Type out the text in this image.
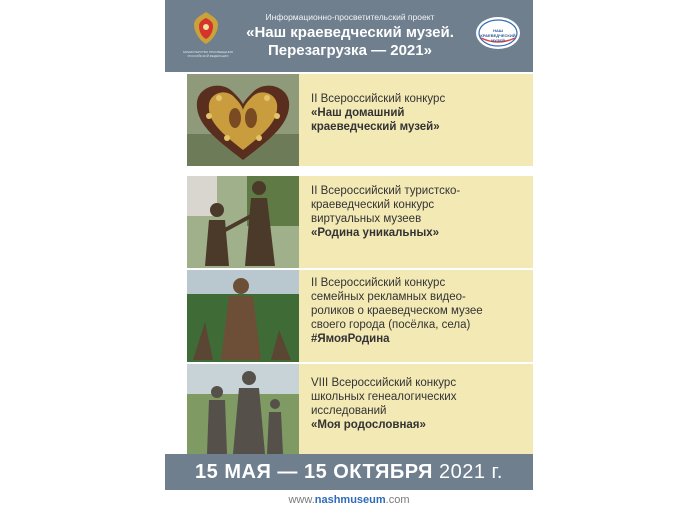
МИНИСТЕРСТВО ПРОСВЕЩЕНИЯ РОССИЙСКОЙ ФЕДЕРАЦИИ
Информационно-просветительский проект
«Наш краеведческий музей.
Перезагрузка — 2021»
НАШ КРАЕВЕДЧЕСКИЙ МУЗЕЙ
II Всероссийский конкурс
«Наш домашний
краеведческий музей»
II Всероссийский туристско-
краеведческий конкурс
виртуальных музеев
«Родина уникальных»
II Всероссийский конкурс
семейных рекламных видео-
роликов о краеведческом музее
своего города (посёлка, села)
#ЯмояРодина
VIII Всероссийский конкурс
школьных генеалогических
исследований
«Моя родословная»
15 МАЯ — 15 ОКТЯБРЯ 2021 г.
www.nashmuseum.com
